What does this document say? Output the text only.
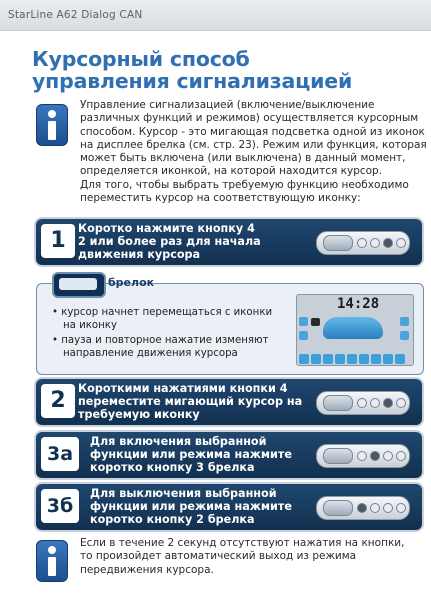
StarLine A62 Dialog CAN
Курсорный способ
управления сигнализацией
Управление сигнализацией (включение/выключение
различных функций и режимов) осуществляется курсорным
способом. Курсор - это мигающая подсветка одной из иконок
на дисплее брелка (см. стр. 23). Режим или функция, которая
может быть включена (или выключена) в данный момент,
определяется иконкой, на которой находится курсор.
Для того, чтобы выбрать требуемую функцию необходимо
переместить курсор на соответствующую иконку:
1	Коротко нажмите кнопку 4
2 или более раз для начала
движения курсора
брелок
• курсор начнет перемещаться с иконки
на иконку
• пауза и повторное нажатие изменяют
направление движения курсора
14:28
2	Короткими нажатиями кнопки 4
переместите мигающий курсор на
требуемую иконку
3а
Для включения выбранной
функции или режима нажмите
коротко кнопку 3 брелка
3б
Для выключения выбранной
функции или режима нажмите
коротко кнопку 2 брелка
Если в течение 2 секунд отсутствуют нажатия на кнопки,
то произойдет автоматический выход из режима
передвижения курсора.
